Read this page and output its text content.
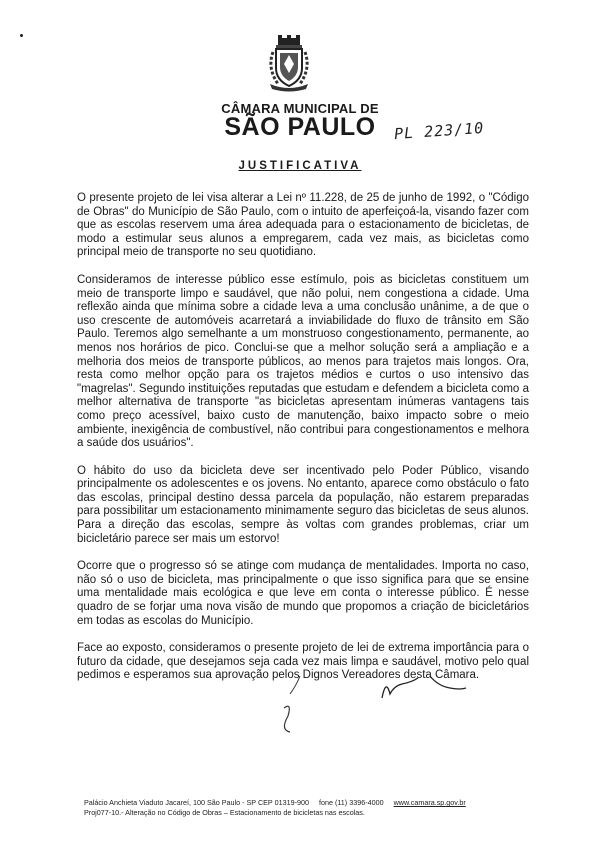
CÂMARA MUNICIPAL DE
SÃO PAULO	PL 223/10
JUSTIFICATIVA

O presente projeto de lei visa alterar a Lei nº 11.228, de 25 de junho de 1992, o "Código de Obras" do Município de São Paulo, com o intuito de aperfeiçoá-la, visando fazer com que as escolas reservem uma área adequada para o estacionamento de bicicletas, de modo a estimular seus alunos a empregarem, cada vez mais, as bicicletas como principal meio de transporte no seu quotidiano.

Consideramos de interesse público esse estímulo, pois as bicicletas constituem um meio de transporte limpo e saudável, que não polui, nem congestiona a cidade. Uma reflexão ainda que mínima sobre a cidade leva a uma conclusão unânime, a de que o uso crescente de automóveis acarretará a inviabilidade do fluxo de trânsito em São Paulo. Teremos algo semelhante a um monstruoso congestionamento, permanente, ao menos nos horários de pico. Conclui-se que a melhor solução será a ampliação e a melhoria dos meios de transporte públicos, ao menos para trajetos mais longos. Ora, resta como melhor opção para os trajetos médios e curtos o uso intensivo das "magrelas". Segundo instituições reputadas que estudam e defendem a bicicleta como a melhor alternativa de transporte "as bicicletas apresentam inúmeras vantagens tais como preço acessível, baixo custo de manutenção, baixo impacto sobre o meio ambiente, inexigência de combustível, não contribui para congestionamentos e melhora a saúde dos usuários".

O hábito do uso da bicicleta deve ser incentivado pelo Poder Público, visando principalmente os adolescentes e os jovens. No entanto, aparece como obstáculo o fato das escolas, principal destino dessa parcela da população, não estarem preparadas para possibilitar um estacionamento minimamente seguro das bicicletas de seus alunos. Para a direção das escolas, sempre às voltas com grandes problemas, criar um bicicletário parece ser mais um estorvo!

Ocorre que o progresso só se atinge com mudança de mentalidades. Importa no caso, não só o uso de bicicleta, mas principalmente o que isso significa para que se ensine uma mentalidade mais ecológica e que leve em conta o interesse público. É nesse quadro de se forjar uma nova visão de mundo que propomos a criação de bicicletários em todas as escolas do Município.

Face ao exposto, consideramos o presente projeto de lei de extrema importância para o futuro da cidade, que desejamos seja cada vez mais limpa e saudável, motivo pelo qual pedimos e esperamos sua aprovação pelos Dignos Vereadores desta Câmara.

Palácio Anchieta Viaduto Jacareí, 100 São Paulo - SP CEP 01319-900 fone (11) 3396-4000 www.camara.sp.gov.br
Proj077-10.- Alteração no Código de Obras – Estacionamento de bicicletas nas escolas.
